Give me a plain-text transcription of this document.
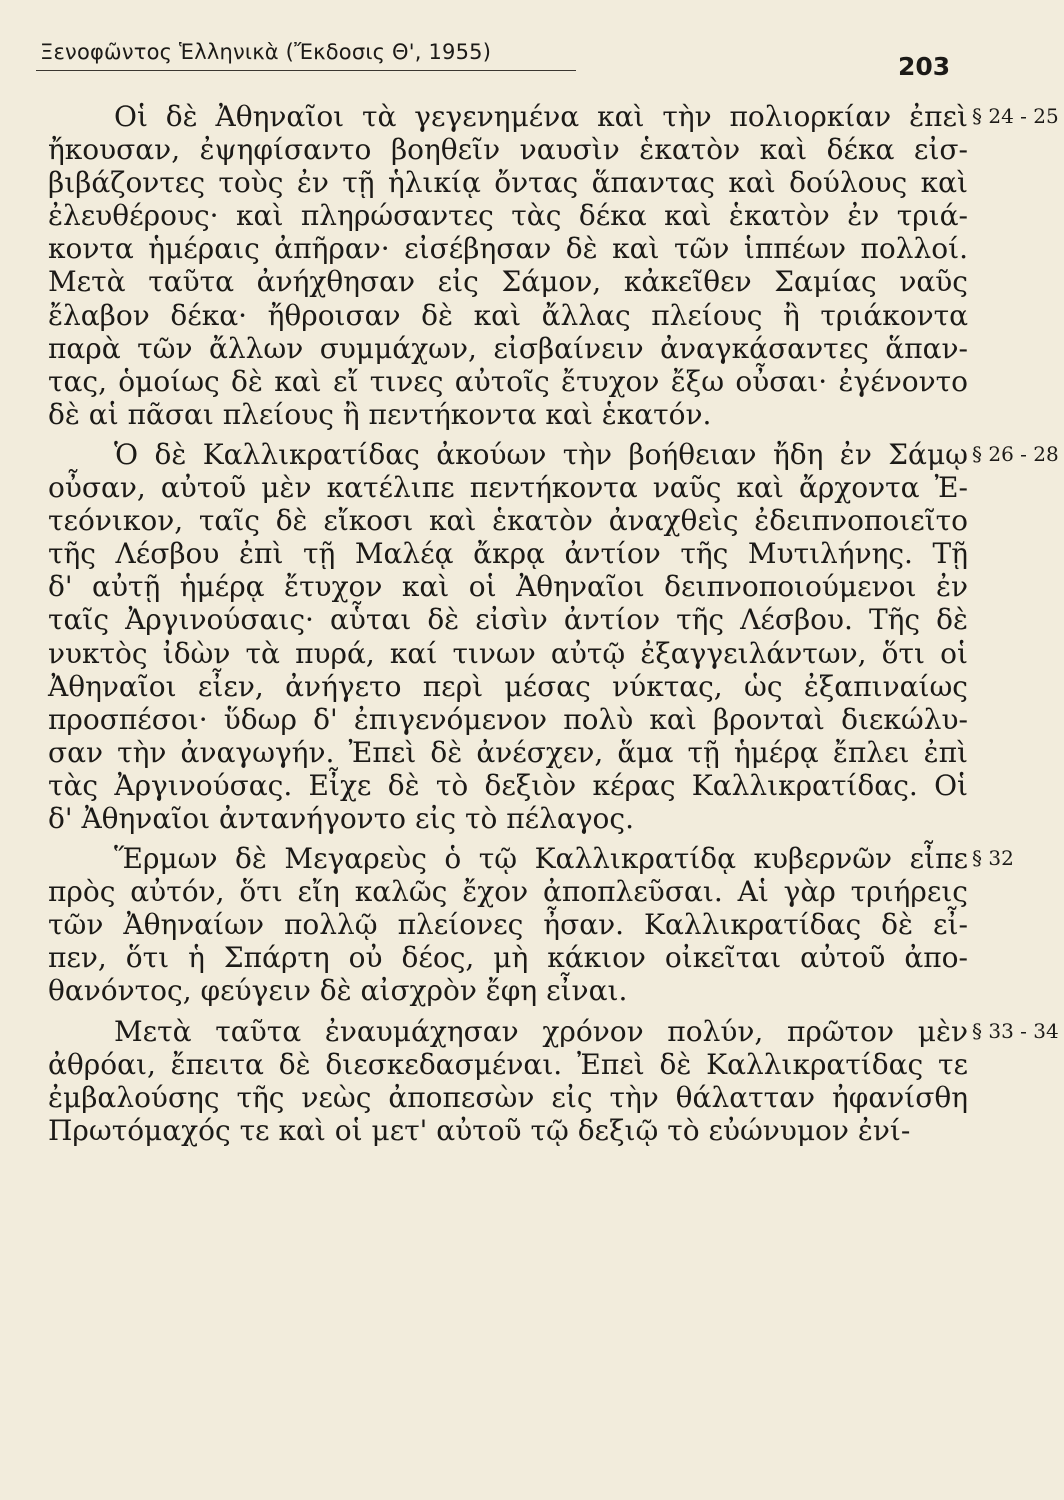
Ξενοφῶντος Ἑλληνικὰ (Ἔκδοσις Θ', 1955)	203
§ 24 - 25
Οἱ δὲ Ἀθηναῖοι τὰ γεγενημένα καὶ τὴν πολιορκίαν ἐπεὶ
ἤκουσαν, ἐψηφίσαντο βοηθεῖν ναυσὶν ἑκατὸν καὶ δέκα εἰσ-
βιβάζοντες τοὺς ἐν τῇ ἡλικίᾳ ὄντας ἅπαντας καὶ δούλους καὶ
ἐλευθέρους· καὶ πληρώσαντες τὰς δέκα καὶ ἑκατὸν ἐν τριά-
κοντα ἡμέραις ἀπῆραν· εἰσέβησαν δὲ καὶ τῶν ἱππέων πολλοί.
Μετὰ ταῦτα ἀνήχθησαν εἰς Σάμον, κἀκεῖθεν Σαμίας ναῦς
ἔλαβον δέκα· ἤθροισαν δὲ καὶ ἄλλας πλείους ἢ τριάκοντα
παρὰ τῶν ἄλλων συμμάχων, εἰσβαίνειν ἀναγκάσαντες ἅπαν-
τας, ὁμοίως δὲ καὶ εἴ τινες αὐτοῖς ἔτυχον ἔξω οὖσαι· ἐγένοντο
δὲ αἱ πᾶσαι πλείους ἢ πεντήκοντα καὶ ἑκατόν.
§ 26 - 28
Ὁ δὲ Καλλικρατίδας ἀκούων τὴν βοήθειαν ἤδη ἐν Σάμῳ
οὖσαν, αὐτοῦ μὲν κατέλιπε πεντήκοντα ναῦς καὶ ἄρχοντα Ἐ-
τεόνικον, ταῖς δὲ εἴκοσι καὶ ἑκατὸν ἀναχθεὶς ἐδειπνοποιεῖτο
τῆς Λέσβου ἐπὶ τῇ Μαλέᾳ ἄκρᾳ ἀντίον τῆς Μυτιλήνης. Τῇ
δ' αὐτῇ ἡμέρᾳ ἔτυχον καὶ οἱ Ἀθηναῖοι δειπνοποιούμενοι ἐν
ταῖς Ἀργινούσαις· αὗται δὲ εἰσὶν ἀντίον τῆς Λέσβου. Τῆς δὲ
νυκτὸς ἰδὼν τὰ πυρά, καί τινων αὐτῷ ἐξαγγειλάντων, ὅτι οἱ
Ἀθηναῖοι εἶεν, ἀνήγετο περὶ μέσας νύκτας, ὡς ἐξαπιναίως
προσπέσοι· ὕδωρ δ' ἐπιγενόμενον πολὺ καὶ βρονταὶ διεκώλυ-
σαν τὴν ἀναγωγήν. Ἐπεὶ δὲ ἀνέσχεν, ἅμα τῇ ἡμέρᾳ ἔπλει ἐπὶ
τὰς Ἀργινούσας. Εἶχε δὲ τὸ δεξιὸν κέρας Καλλικρατίδας. Οἱ
δ' Ἀθηναῖοι ἀντανήγοντο εἰς τὸ πέλαγος.
§ 32
Ἕρμων δὲ Μεγαρεὺς ὁ τῷ Καλλικρατίδᾳ κυβερνῶν εἶπε
πρὸς αὐτόν, ὅτι εἴη καλῶς ἔχον ἀποπλεῦσαι. Αἱ γὰρ τριήρεις
τῶν Ἀθηναίων πολλῷ πλείονες ἦσαν. Καλλικρατίδας δὲ εἶ-
πεν, ὅτι ἡ Σπάρτη οὐ δέος, μὴ κάκιον οἰκεῖται αὐτοῦ ἀπο-
θανόντος, φεύγειν δὲ αἰσχρὸν ἔφη εἶναι.
§ 33 - 34
Μετὰ ταῦτα ἐναυμάχησαν χρόνον πολύν, πρῶτον μὲν
ἀθρόαι, ἔπειτα δὲ διεσκεδασμέναι. Ἐπεὶ δὲ Καλλικρατίδας τε
ἐμβαλούσης τῆς νεὼς ἀποπεσὼν εἰς τὴν θάλατταν ἠφανίσθη
Πρωτόμαχός τε καὶ οἱ μετ' αὐτοῦ τῷ δεξιῷ τὸ εὐώνυμον ἐνί-
